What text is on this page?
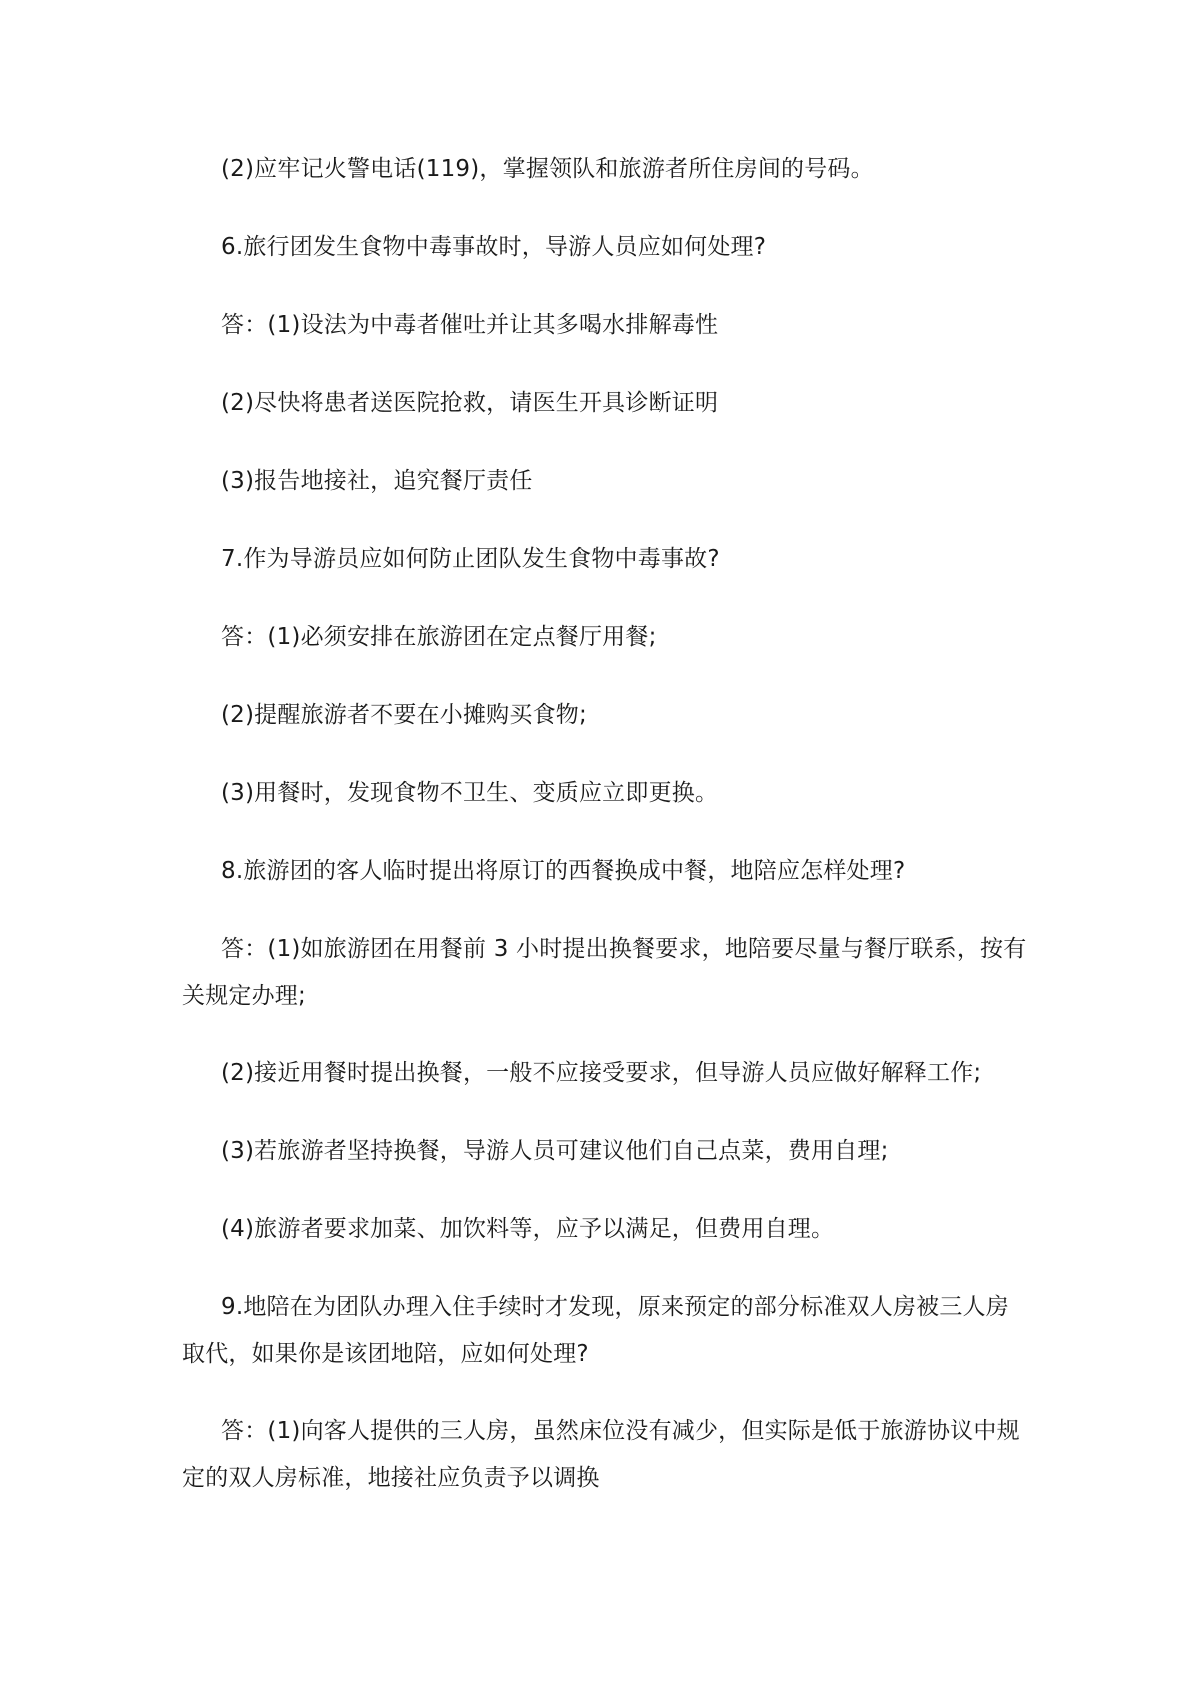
(2)应牢记火警电话(119)，掌握领队和旅游者所住房间的号码。

6.旅行团发生食物中毒事故时，导游人员应如何处理?

答：(1)设法为中毒者催吐并让其多喝水排解毒性

(2)尽快将患者送医院抢救，请医生开具诊断证明

(3)报告地接社，追究餐厅责任

7.作为导游员应如何防止团队发生食物中毒事故?

答：(1)必须安排在旅游团在定点餐厅用餐;

(2)提醒旅游者不要在小摊购买食物;

(3)用餐时，发现食物不卫生、变质应立即更换。

8.旅游团的客人临时提出将原订的西餐换成中餐，地陪应怎样处理?

答：(1)如旅游团在用餐前 3 小时提出换餐要求，地陪要尽量与餐厅联系，按有关规定办理;

(2)接近用餐时提出换餐，一般不应接受要求，但导游人员应做好解释工作;

(3)若旅游者坚持换餐，导游人员可建议他们自己点菜，费用自理;

(4)旅游者要求加菜、加饮料等，应予以满足，但费用自理。

9.地陪在为团队办理入住手续时才发现，原来预定的部分标准双人房被三人房取代，如果你是该团地陪，应如何处理?

答：(1)向客人提供的三人房，虽然床位没有减少，但实际是低于旅游协议中规定的双人房标准，地接社应负责予以调换
